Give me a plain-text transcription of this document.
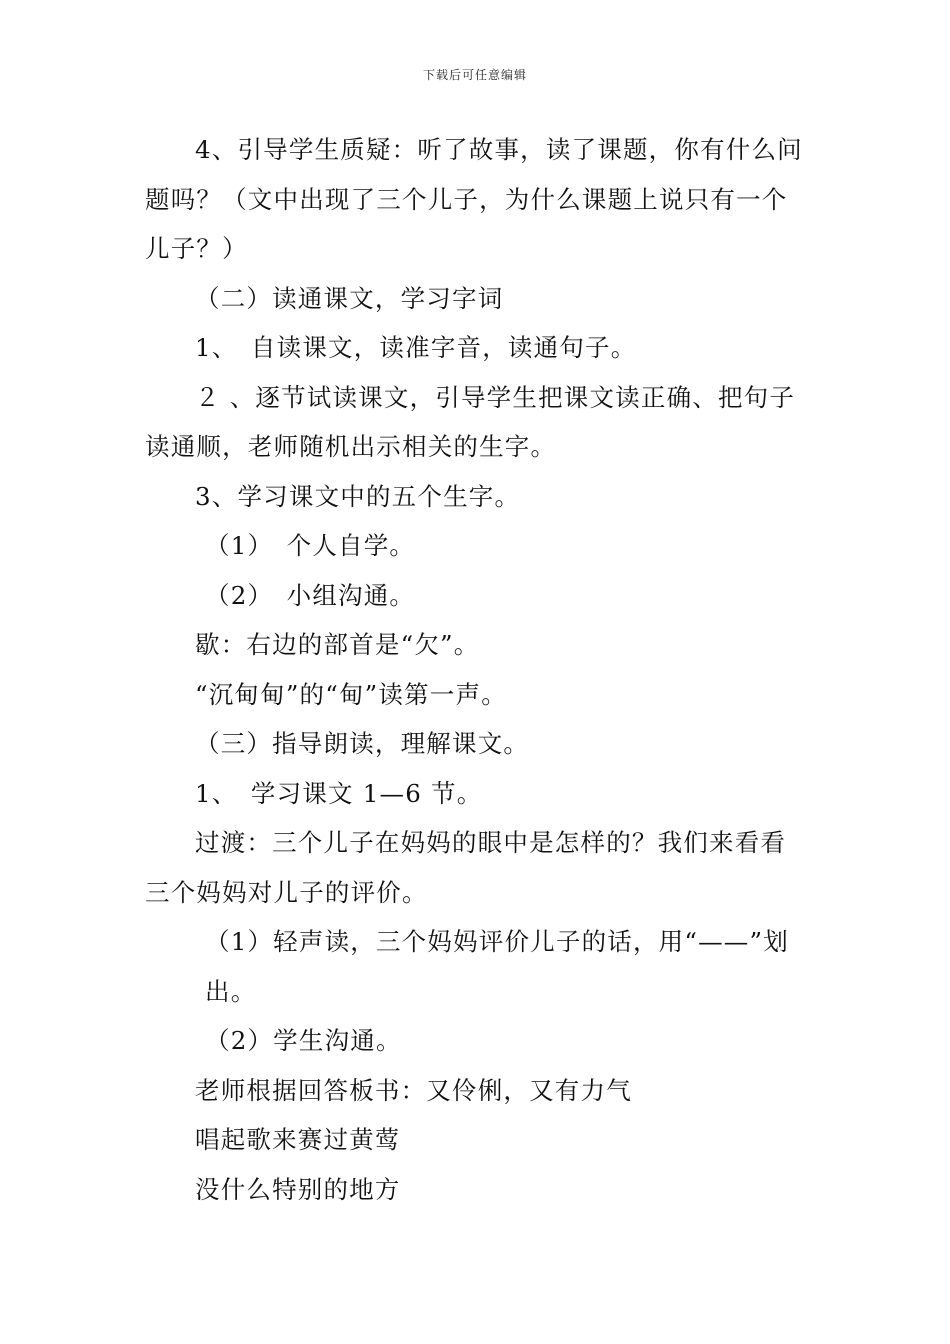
下载后可任意编辑

4、引导学生质疑：听了故事，读了课题，你有什么问题吗？（文中出现了三个儿子，为什么课题上说只有一个儿子？）

（二）读通课文，学习字词

1、　自读课文，读准字音，读通句子。

２ 、逐节试读课文，引导学生把课文读正确、把句子读通顺，老师随机出示相关的生字。

3、学习课文中的五个生字。

（1）　个人自学。

（2）　小组沟通。

歇：右边的部首是“欠”。

“沉甸甸”的“甸”读第一声。

（三）指导朗读，理解课文。

1、　学习课文 1—6 节。

过渡：三个儿子在妈妈的眼中是怎样的？我们来看看三个妈妈对儿子的评价。

（1）轻声读，三个妈妈评价儿子的话，用“——”划出。

（2）学生沟通。

老师根据回答板书：又伶俐，又有力气

唱起歌来赛过黄莺

没什么特别的地方
